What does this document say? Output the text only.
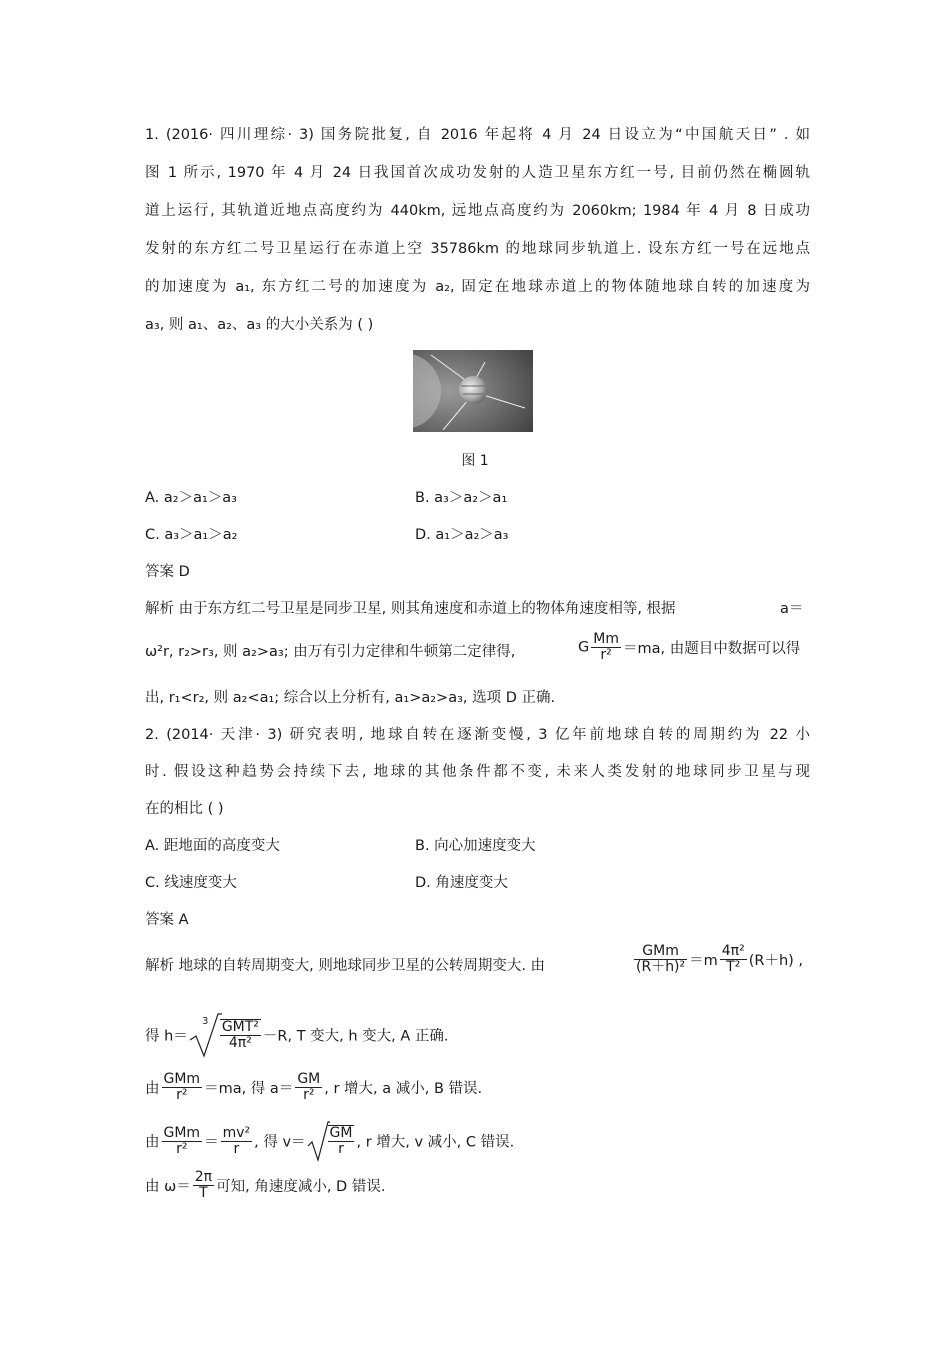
1. (2016· 四川理综· 3) 国务院批复, 自 2016 年起将 4 月 24 日设立为“中国航天日” . 如
图 1 所示, 1970 年 4 月 24 日我国首次成功发射的人造卫星东方红一号, 目前仍然在椭圆轨
道上运行, 其轨道近地点高度约为 440km, 远地点高度约为 2060km; 1984 年 4 月 8 日成功
发射的东方红二号卫星运行在赤道上空 35786km 的地球同步轨道上. 设东方红一号在远地点
的加速度为 a₁, 东方红二号的加速度为 a₂, 固定在地球赤道上的物体随地球自转的加速度为
a₃, 则 a₁、a₂、a₃ 的大小关系为 ( )
图 1
A. a₂＞a₁＞a₃	B. a₃＞a₂＞a₁
C. a₃＞a₁＞a₂	D. a₁＞a₂＞a₃
答案 D
解析 由于东方红二号卫星是同步卫星, 则其角速度和赤道上的物体角速度相等, 根据	a＝
ω²r, r₂>r₃, 则 a₂>a₃; 由万有引力定律和牛顿第二定律得,	G $\frac{Mm}{\text{r²}} =ma$, 由题目中数据可以得
出, r₁<r₂, 则 a₂<a₁; 综合以上分析有, a₁>a₂>a₃, 选项 D 正确.
2. (2014· 天津· 3) 研究表明, 地球自转在逐渐变慢, 3 亿年前地球自转的周期约为 22 小
时. 假设这种趋势会持续下去, 地球的其他条件都不变, 未来人类发射的地球同步卫星与现
在的相比 ( )
A. 距地面的高度变大	B. 向心加速度变大
C. 线速度变大	D. 角速度变大
答案 A
解析 地球的自转周期变大, 则地球同步卫星的公转周期变大. 由	$\frac{\text{GMm}}{\text{(R＋h)²}} =m \frac{\text{4π²}}{\text{T²}} (R+h)$ ,
得 h＝
$3 \frac{\text{GMT²}}{\text{4π²}} -R$, T 变大, h 变大, A 正确.
由 $\frac{\text{GMm}}{\text{r²}} =ma$, 得 $a= \frac{GM}{\text{r²}}$ , r 增大, a 减小, B 错误.
由 $\frac{\text{GMm}}{\text{r²}} = \frac{\text{mv²}}{r}$ , 得 $v= \frac{GM}{r}$ , r 增大, v 减小, C 错误.
由 $\omega= \frac{2\pi}{T}$ 可知, 角速度减小, D 错误.
